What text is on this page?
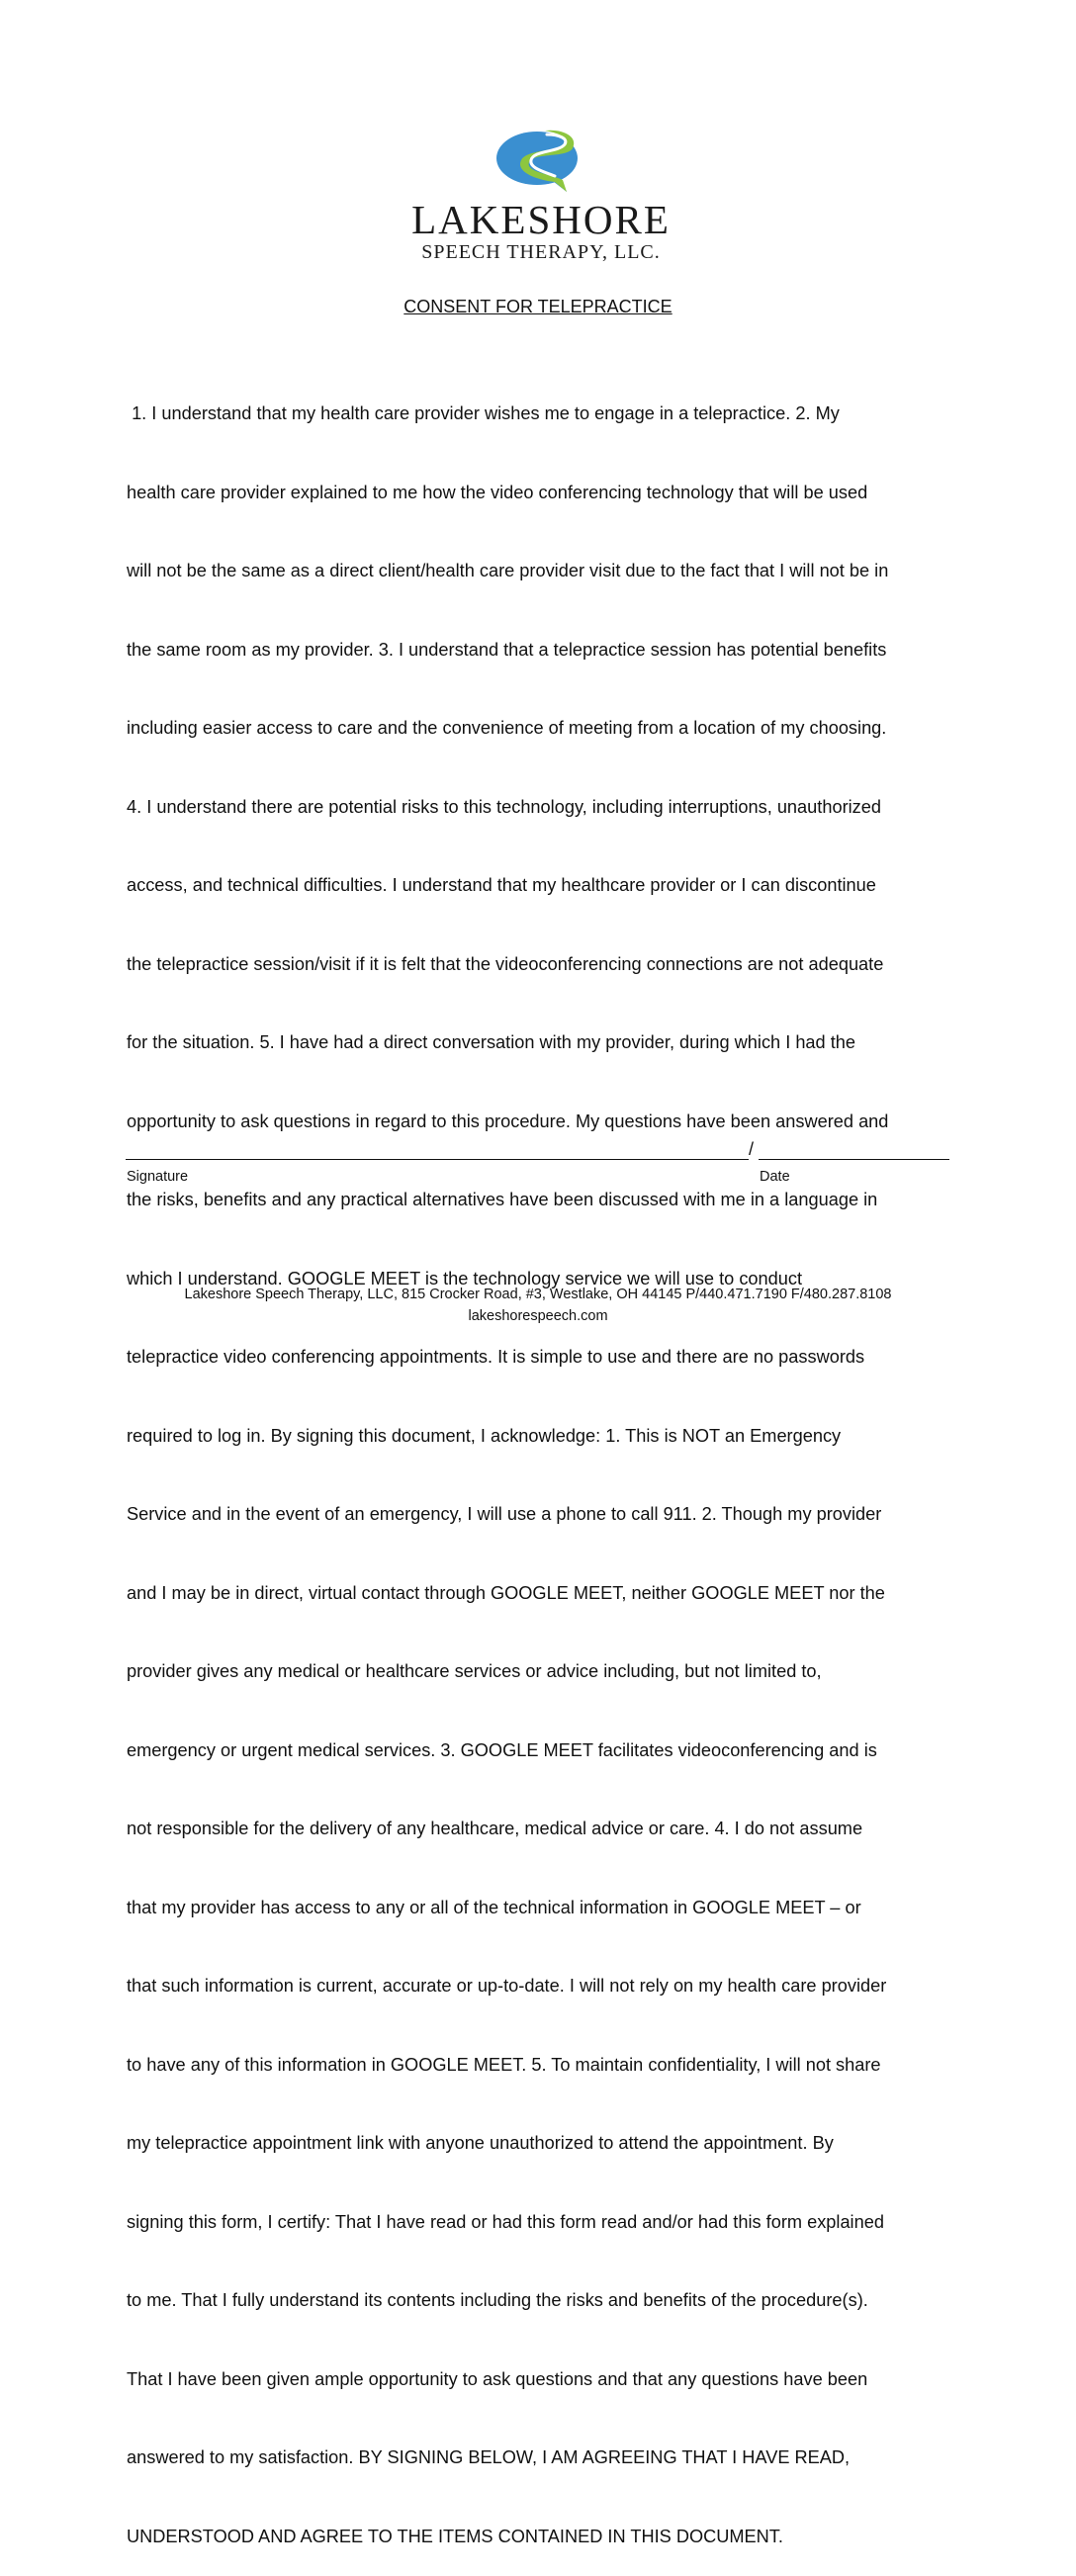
LAKESHORE
SPEECH THERAPY, LLC.
CONSENT FOR TELEPRACTICE

1. I understand that my health care provider wishes me to engage in a telepractice. 2. My

health care provider explained to me how the video conferencing technology that will be used

will not be the same as a direct client/health care provider visit due to the fact that I will not be in

the same room as my provider. 3. I understand that a telepractice session has potential benefits

including easier access to care and the convenience of meeting from a location of my choosing.

4. I understand there are potential risks to this technology, including interruptions, unauthorized

access, and technical difficulties. I understand that my healthcare provider or I can discontinue

the telepractice session/visit if it is felt that the videoconferencing connections are not adequate

for the situation. 5. I have had a direct conversation with my provider, during which I had the

opportunity to ask questions in regard to this procedure. My questions have been answered and

the risks, benefits and any practical alternatives have been discussed with me in a language in

which I understand. GOOGLE MEET is the technology service we will use to conduct

telepractice video conferencing appointments. It is simple to use and there are no passwords

required to log in. By signing this document, I acknowledge: 1. This is NOT an Emergency

Service and in the event of an emergency, I will use a phone to call 911. 2. Though my provider

and I may be in direct, virtual contact through GOOGLE MEET, neither GOOGLE MEET nor the

provider gives any medical or healthcare services or advice including, but not limited to,

emergency or urgent medical services. 3. GOOGLE MEET facilitates videoconferencing and is

not responsible for the delivery of any healthcare, medical advice or care. 4. I do not assume

that my provider has access to any or all of the technical information in GOOGLE MEET – or

that such information is current, accurate or up-to-date. I will not rely on my health care provider

to have any of this information in GOOGLE MEET. 5. To maintain confidentiality, I will not share

my telepractice appointment link with anyone unauthorized to attend the appointment. By

signing this form, I certify: That I have read or had this form read and/or had this form explained

to me. That I fully understand its contents including the risks and benefits of the procedure(s).

That I have been given ample opportunity to ask questions and that any questions have been

answered to my satisfaction. BY SIGNING BELOW, I AM AGREEING THAT I HAVE READ,

UNDERSTOOD AND AGREE TO THE ITEMS CONTAINED IN THIS DOCUMENT.

/
Signature	Date
Lakeshore Speech Therapy, LLC, 815 Crocker Road, #3, Westlake, OH 44145 P/440.471.7190 F/480.287.8108
lakeshorespeech.com
